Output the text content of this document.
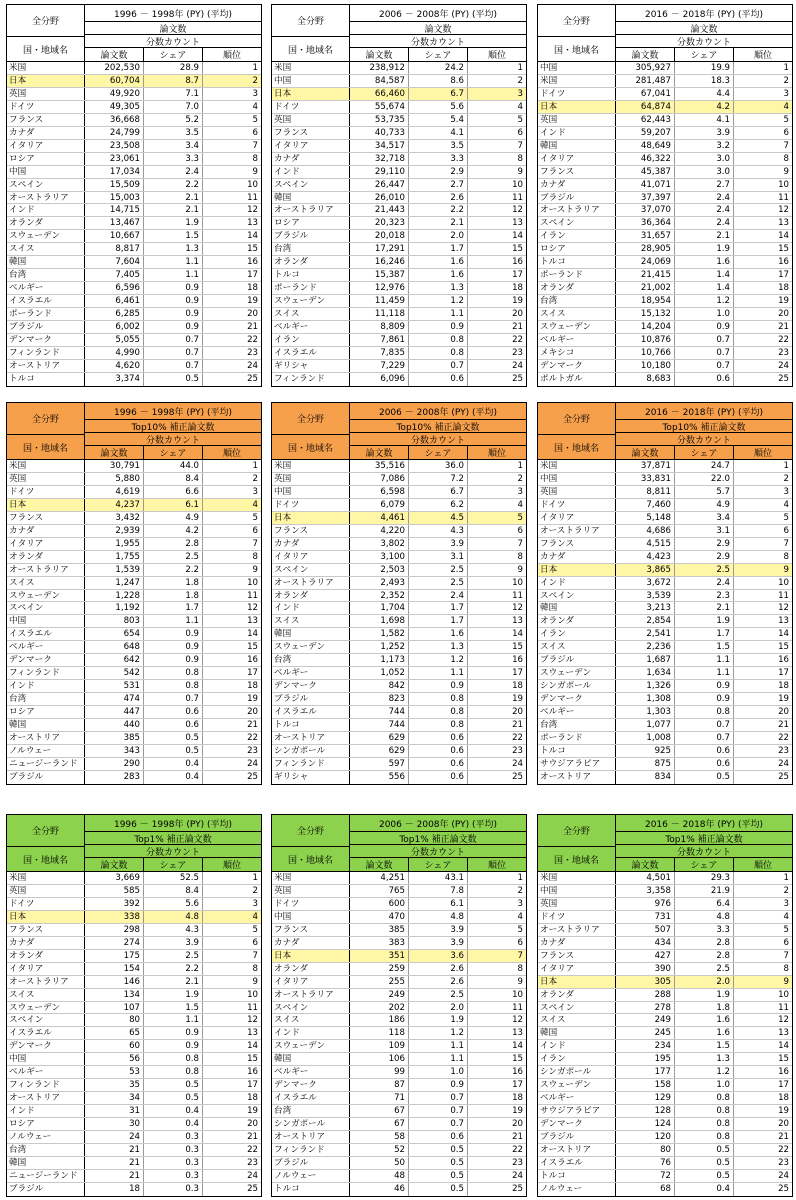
全分野
国・地域名
1996 － 1998年 (PY) (平均)
論文数
分数カウント
論文数	シェア	順位
米国	202,530	28.9	1
日本	60,704	8.7	2
英国	49,920	7.1	3
ドイツ	49,305	7.0	4
フランス	36,668	5.2	5
カナダ	24,799	3.5	6
イタリア	23,508	3.4	7
ロシア	23,061	3.3	8
中国	17,034	2.4	9
スペイン	15,509	2.2	10
オーストラリア	15,003	2.1	11
インド	14,715	2.1	12
オランダ	13,467	1.9	13
スウェーデン	10,667	1.5	14
スイス	8,817	1.3	15
韓国	7,604	1.1	16
台湾	7,405	1.1	17
ベルギー	6,596	0.9	18
イスラエル	6,461	0.9	19
ポーランド	6,285	0.9	20
ブラジル	6,002	0.9	21
デンマーク	5,055	0.7	22
フィンランド	4,990	0.7	23
オーストリア	4,620	0.7	24
トルコ	3,374	0.5	25
全分野
国・地域名
2006 － 2008年 (PY) (平均)
論文数
分数カウント
論文数	シェア	順位
米国	238,912	24.2	1
中国	84,587	8.6	2
日本	66,460	6.7	3
ドイツ	55,674	5.6	4
英国	53,735	5.4	5
フランス	40,733	4.1	6
イタリア	34,517	3.5	7
カナダ	32,718	3.3	8
インド	29,110	2.9	9
スペイン	26,447	2.7	10
韓国	26,010	2.6	11
オーストラリア	21,443	2.2	12
ロシア	20,323	2.1	13
ブラジル	20,018	2.0	14
台湾	17,291	1.7	15
オランダ	16,246	1.6	16
トルコ	15,387	1.6	17
ポーランド	12,976	1.3	18
スウェーデン	11,459	1.2	19
スイス	11,118	1.1	20
ベルギー	8,809	0.9	21
イラン	7,861	0.8	22
イスラエル	7,835	0.8	23
ギリシャ	7,229	0.7	24
フィンランド	6,096	0.6	25
全分野
国・地域名
2016 － 2018年 (PY) (平均)
論文数
分数カウント
論文数	シェア	順位
中国	305,927	19.9	1
米国	281,487	18.3	2
ドイツ	67,041	4.4	3
日本	64,874	4.2	4
英国	62,443	4.1	5
インド	59,207	3.9	6
韓国	48,649	3.2	7
イタリア	46,322	3.0	8
フランス	45,387	3.0	9
カナダ	41,071	2.7	10
ブラジル	37,397	2.4	11
オーストラリア	37,070	2.4	12
スペイン	36,364	2.4	13
イラン	31,657	2.1	14
ロシア	28,905	1.9	15
トルコ	24,069	1.6	16
ポーランド	21,415	1.4	17
オランダ	21,002	1.4	18
台湾	18,954	1.2	19
スイス	15,132	1.0	20
スウェーデン	14,204	0.9	21
ベルギー	10,876	0.7	22
メキシコ	10,766	0.7	23
デンマーク	10,180	0.7	24
ポルトガル	8,683	0.6	25
全分野
国・地域名
1996 － 1998年 (PY) (平均)
Top10% 補正論文数
分数カウント
論文数	シェア	順位
米国	30,791	44.0	1
英国	5,880	8.4	2
ドイツ	4,619	6.6	3
日本	4,237	6.1	4
フランス	3,432	4.9	5
カナダ	2,939	4.2	6
イタリア	1,955	2.8	7
オランダ	1,755	2.5	8
オーストラリア	1,539	2.2	9
スイス	1,247	1.8	10
スウェーデン	1,228	1.8	11
スペイン	1,192	1.7	12
中国	803	1.1	13
イスラエル	654	0.9	14
ベルギー	648	0.9	15
デンマーク	642	0.9	16
フィンランド	542	0.8	17
インド	531	0.8	18
台湾	474	0.7	19
ロシア	447	0.6	20
韓国	440	0.6	21
オーストリア	385	0.5	22
ノルウェー	343	0.5	23
ニュージーランド	290	0.4	24
ブラジル	283	0.4	25
全分野
国・地域名
2006 － 2008年 (PY) (平均)
Top10% 補正論文数
分数カウント
論文数	シェア	順位
米国	35,516	36.0	1
英国	7,086	7.2	2
中国	6,598	6.7	3
ドイツ	6,079	6.2	4
日本	4,461	4.5	5
フランス	4,220	4.3	6
カナダ	3,802	3.9	7
イタリア	3,100	3.1	8
スペイン	2,503	2.5	9
オーストラリア	2,493	2.5	10
オランダ	2,352	2.4	11
インド	1,704	1.7	12
スイス	1,698	1.7	13
韓国	1,582	1.6	14
スウェーデン	1,252	1.3	15
台湾	1,173	1.2	16
ベルギー	1,052	1.1	17
デンマーク	842	0.9	18
ブラジル	823	0.8	19
イスラエル	744	0.8	20
トルコ	744	0.8	21
オーストリア	629	0.6	22
シンガポール	629	0.6	23
フィンランド	597	0.6	24
ギリシャ	556	0.6	25
全分野
国・地域名
2016 － 2018年 (PY) (平均)
Top10% 補正論文数
分数カウント
論文数	シェア	順位
米国	37,871	24.7	1
中国	33,831	22.0	2
英国	8,811	5.7	3
ドイツ	7,460	4.9	4
イタリア	5,148	3.4	5
オーストラリア	4,686	3.1	6
フランス	4,515	2.9	7
カナダ	4,423	2.9	8
日本	3,865	2.5	9
インド	3,672	2.4	10
スペイン	3,539	2.3	11
韓国	3,213	2.1	12
オランダ	2,854	1.9	13
イラン	2,541	1.7	14
スイス	2,236	1.5	15
ブラジル	1,687	1.1	16
スウェーデン	1,634	1.1	17
シンガポール	1,326	0.9	18
デンマーク	1,308	0.9	19
ベルギー	1,303	0.8	20
台湾	1,077	0.7	21
ポーランド	1,008	0.7	22
トルコ	925	0.6	23
サウジアラビア	875	0.6	24
オーストリア	834	0.5	25
全分野
国・地域名
1996 － 1998年 (PY) (平均)
Top1% 補正論文数
分数カウント
論文数	シェア	順位
米国	3,669	52.5	1
英国	585	8.4	2
ドイツ	392	5.6	3
日本	338	4.8	4
フランス	298	4.3	5
カナダ	274	3.9	6
オランダ	175	2.5	7
イタリア	154	2.2	8
オーストラリア	146	2.1	9
スイス	134	1.9	10
スウェーデン	107	1.5	11
スペイン	80	1.1	12
イスラエル	65	0.9	13
デンマーク	60	0.9	14
中国	56	0.8	15
ベルギー	53	0.8	16
フィンランド	35	0.5	17
オーストリア	34	0.5	18
インド	31	0.4	19
ロシア	30	0.4	20
ノルウェー	24	0.3	21
台湾	21	0.3	22
韓国	21	0.3	23
ニュージーランド	21	0.3	24
ブラジル	18	0.3	25
全分野
国・地域名
2006 － 2008年 (PY) (平均)
Top1% 補正論文数
分数カウント
論文数	シェア	順位
米国	4,251	43.1	1
英国	765	7.8	2
ドイツ	600	6.1	3
中国	470	4.8	4
フランス	385	3.9	5
カナダ	383	3.9	6
日本	351	3.6	7
オランダ	259	2.6	8
イタリア	255	2.6	9
オーストラリア	249	2.5	10
スペイン	202	2.0	11
スイス	186	1.9	12
インド	118	1.2	13
スウェーデン	109	1.1	14
韓国	106	1.1	15
ベルギー	99	1.0	16
デンマーク	87	0.9	17
イスラエル	71	0.7	18
台湾	67	0.7	19
シンガポール	67	0.7	20
オーストリア	58	0.6	21
フィンランド	52	0.5	22
ブラジル	50	0.5	23
ノルウェー	48	0.5	24
トルコ	46	0.5	25
全分野
国・地域名
2016 － 2018年 (PY) (平均)
Top1% 補正論文数
分数カウント
論文数	シェア	順位
米国	4,501	29.3	1
中国	3,358	21.9	2
英国	976	6.4	3
ドイツ	731	4.8	4
オーストラリア	507	3.3	5
カナダ	434	2.8	6
フランス	427	2.8	7
イタリア	390	2.5	8
日本	305	2.0	9
オランダ	288	1.9	10
スペイン	278	1.8	11
スイス	249	1.6	12
韓国	245	1.6	13
インド	234	1.5	14
イラン	195	1.3	15
シンガポール	177	1.2	16
スウェーデン	158	1.0	17
ベルギー	129	0.8	18
サウジアラビア	128	0.8	19
デンマーク	124	0.8	20
ブラジル	120	0.8	21
オーストリア	80	0.5	22
イスラエル	76	0.5	23
トルコ	72	0.5	24
ノルウェー	68	0.4	25
